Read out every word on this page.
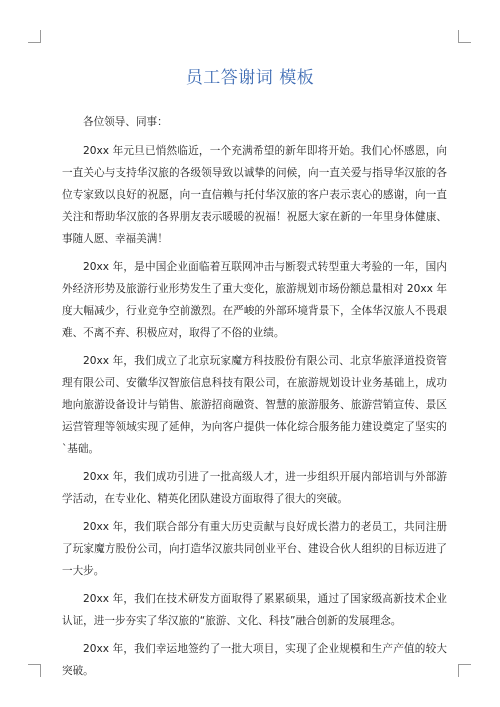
员工答谢词 模板

各位领导、同事：

20xx 年元旦已悄然临近，一个充满希望的新年即将开始。我们心怀感恩，向一直关心与支持华汉旅的各级领导致以诚挚的问候，向一直关爱与指导华汉旅的各位专家致以良好的祝愿，向一直信赖与托付华汉旅的客户表示衷心的感谢，向一直关注和帮助华汉旅的各界朋友表示暖暖的祝福！祝愿大家在新的一年里身体健康、事随人愿、幸福美满！

20xx 年，是中国企业面临着互联网冲击与断裂式转型重大考验的一年，国内外经济形势及旅游行业形势发生了重大变化，旅游规划市场份额总量相对 20xx 年度大幅减少，行业竞争空前激烈。在严峻的外部环境背景下，全体华汉旅人不畏艰难、不离不弃、积极应对，取得了不俗的业绩。

20xx 年，我们成立了北京玩家魔方科技股份有限公司、北京华旅泽道投资管理有限公司、安徽华汉智旅信息科技有限公司，在旅游规划设计业务基础上，成功地向旅游设备设计与销售、旅游招商融资、智慧的旅游服务、旅游营销宣传、景区运营管理等领域实现了延伸，为向客户提供一体化综合服务能力建设奠定了坚实的`基础。

20xx 年，我们成功引进了一批高级人才，进一步组织开展内部培训与外部游学活动，在专业化、精英化团队建设方面取得了很大的突破。

20xx 年，我们联合部分有重大历史贡献与良好成长潜力的老员工，共同注册了玩家魔方股份公司，向打造华汉旅共同创业平台、建设合伙人组织的目标迈进了一大步。

20xx 年，我们在技术研发方面取得了累累硕果，通过了国家级高新技术企业认证，进一步夯实了华汉旅的“旅游、文化、科技”融合创新的发展理念。

20xx 年，我们幸运地签约了一批大项目，实现了企业规模和生产产值的较大突破。
